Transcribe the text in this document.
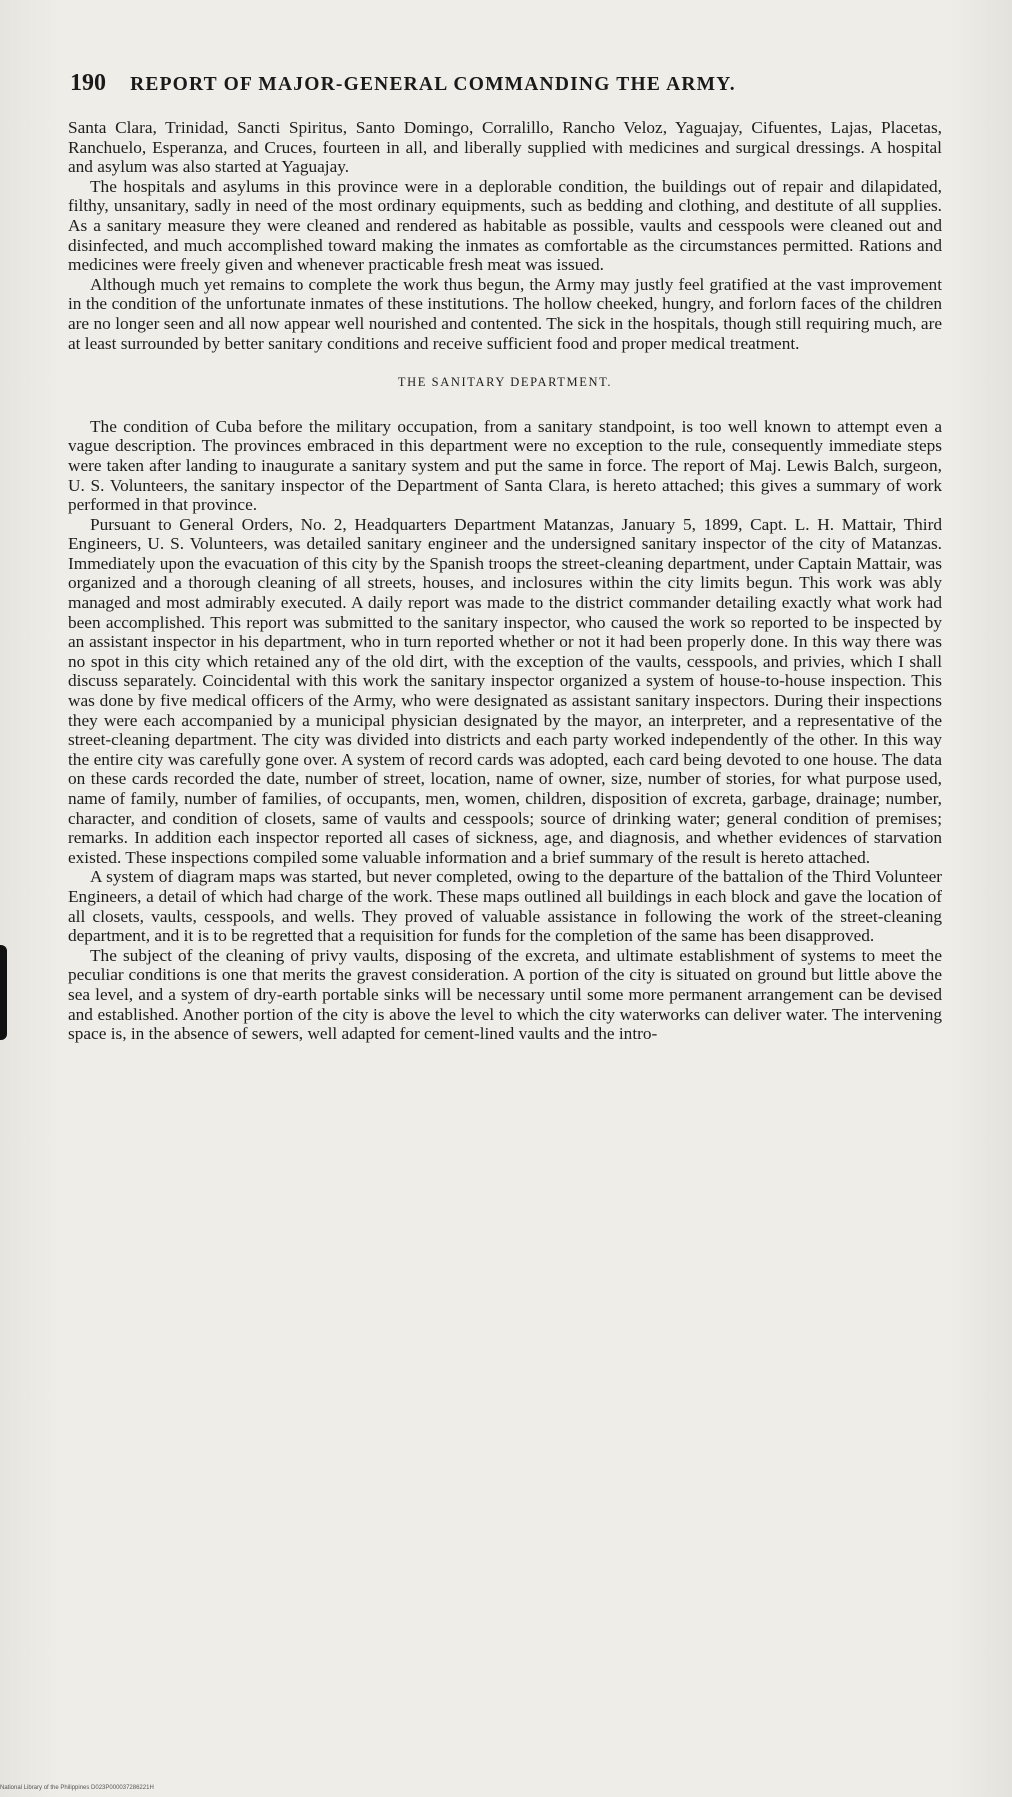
190 REPORT OF MAJOR-GENERAL COMMANDING THE ARMY.

Santa Clara, Trinidad, Sancti Spiritus, Santo Domingo, Corralillo, Rancho Veloz, Yaguajay, Cifuentes, Lajas, Placetas, Ranchuelo, Esperanza, and Cruces, fourteen in all, and liberally supplied with medicines and surgical dressings. A hospital and asylum was also started at Yaguajay.

The hospitals and asylums in this province were in a deplorable condition, the buildings out of repair and dilapidated, filthy, unsanitary, sadly in need of the most ordinary equipments, such as bedding and clothing, and destitute of all supplies. As a sanitary measure they were cleaned and rendered as habitable as possible, vaults and cesspools were cleaned out and disinfected, and much accomplished toward making the inmates as comfortable as the circumstances permitted. Rations and medicines were freely given and whenever practicable fresh meat was issued.

Although much yet remains to complete the work thus begun, the Army may justly feel gratified at the vast improvement in the condition of the unfortunate inmates of these institutions. The hollow cheeked, hungry, and forlorn faces of the children are no longer seen and all now appear well nourished and contented. The sick in the hospitals, though still requiring much, are at least surrounded by better sanitary conditions and receive sufficient food and proper medical treatment.

THE SANITARY DEPARTMENT.

The condition of Cuba before the military occupation, from a sanitary standpoint, is too well known to attempt even a vague description. The provinces embraced in this department were no exception to the rule, consequently immediate steps were taken after landing to inaugurate a sanitary system and put the same in force. The report of Maj. Lewis Balch, surgeon, U. S. Volunteers, the sanitary inspector of the Department of Santa Clara, is hereto attached; this gives a summary of work performed in that province.

Pursuant to General Orders, No. 2, Headquarters Department Matanzas, January 5, 1899, Capt. L. H. Mattair, Third Engineers, U. S. Volunteers, was detailed sanitary engineer and the undersigned sanitary inspector of the city of Matanzas. Immediately upon the evacuation of this city by the Spanish troops the street-cleaning department, under Captain Mattair, was organized and a thorough cleaning of all streets, houses, and inclosures within the city limits begun. This work was ably managed and most admirably executed. A daily report was made to the district commander detailing exactly what work had been accomplished. This report was submitted to the sanitary inspector, who caused the work so reported to be inspected by an assistant inspector in his department, who in turn reported whether or not it had been properly done. In this way there was no spot in this city which retained any of the old dirt, with the exception of the vaults, cesspools, and privies, which I shall discuss separately. Coincidental with this work the sanitary inspector organized a system of house-to-house inspection. This was done by five medical officers of the Army, who were designated as assistant sanitary inspectors. During their inspections they were each accompanied by a municipal physician designated by the mayor, an interpreter, and a representative of the street-cleaning department. The city was divided into districts and each party worked independently of the other. In this way the entire city was carefully gone over. A system of record cards was adopted, each card being devoted to one house. The data on these cards recorded the date, number of street, location, name of owner, size, number of stories, for what purpose used, name of family, number of families, of occupants, men, women, children, disposition of excreta, garbage, drainage; number, character, and condition of closets, same of vaults and cesspools; source of drinking water; general condition of premises; remarks. In addition each inspector reported all cases of sickness, age, and diagnosis, and whether evidences of starvation existed. These inspections compiled some valuable information and a brief summary of the result is hereto attached.

A system of diagram maps was started, but never completed, owing to the departure of the battalion of the Third Volunteer Engineers, a detail of which had charge of the work. These maps outlined all buildings in each block and gave the location of all closets, vaults, cesspools, and wells. They proved of valuable assistance in following the work of the street-cleaning department, and it is to be regretted that a requisition for funds for the completion of the same has been disapproved.

The subject of the cleaning of privy vaults, disposing of the excreta, and ultimate establishment of systems to meet the peculiar conditions is one that merits the gravest consideration. A portion of the city is situated on ground but little above the sea level, and a system of dry-earth portable sinks will be necessary until some more permanent arrangement can be devised and established. Another portion of the city is above the level to which the city waterworks can deliver water. The intervening space is, in the absence of sewers, well adapted for cement-lined vaults and the intro-

National Library of the Philippines D023P000037286221H
